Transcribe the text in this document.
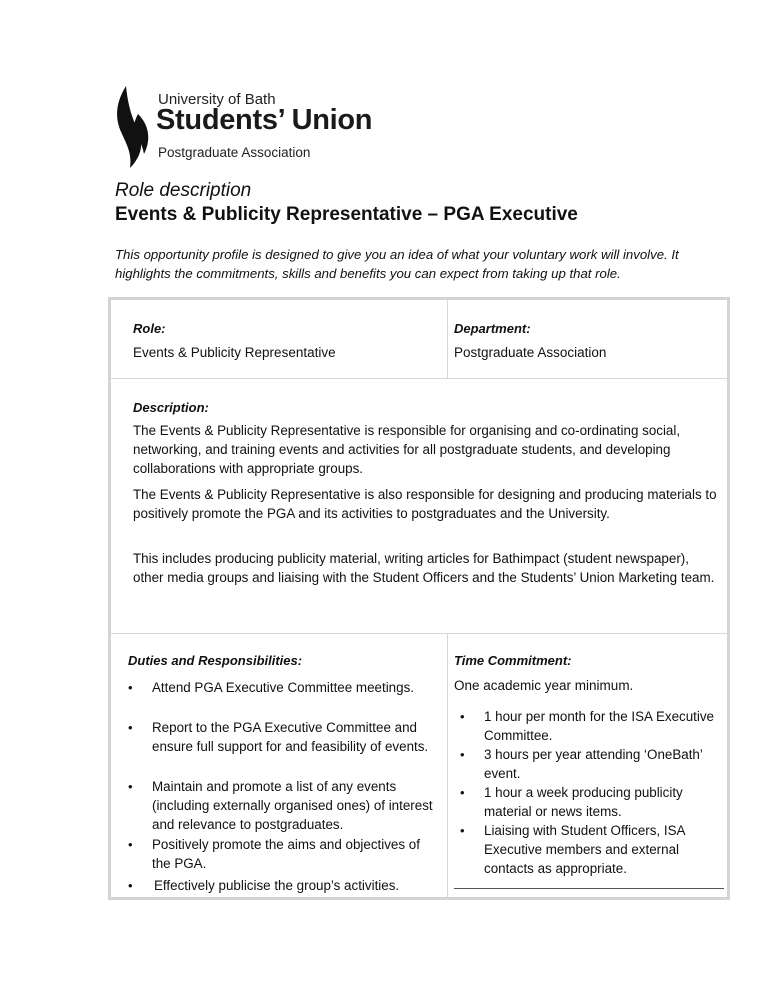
University of Bath
Students’ Union
Postgraduate Association
Role description
Events & Publicity Representative – PGA Executive
This opportunity profile is designed to give you an idea of what your voluntary work will involve. It highlights the commitments, skills and benefits you can expect from taking up that role.
Role:
Events & Publicity Representative
Department:
Postgraduate Association
Description:
The Events & Publicity Representative is responsible for organising and co-ordinating social, networking, and training events and activities for all postgraduate students, and developing collaborations with appropriate groups.
The Events & Publicity Representative is also responsible for designing and producing materials to positively promote the PGA and its activities to postgraduates and the University.
This includes producing publicity material, writing articles for Bathimpact (student newspaper), other media groups and liaising with the Student Officers and the Students’ Union Marketing team.
Duties and Responsibilities:	Time Commitment:
• Attend PGA Executive Committee meetings.
• Report to the PGA Executive Committee and ensure full support for and feasibility of events.
• Maintain and promote a list of any events (including externally organised ones) of interest and relevance to postgraduates.
• Positively promote the aims and objectives of the PGA.
• Effectively publicise the group’s activities.
One academic year minimum.
• 1 hour per month for the ISA Executive Committee.
• 3 hours per year attending ‘OneBath’ event.
• 1 hour a week producing publicity material or news items.
• Liaising with Student Officers, ISA Executive members and external contacts as appropriate.
